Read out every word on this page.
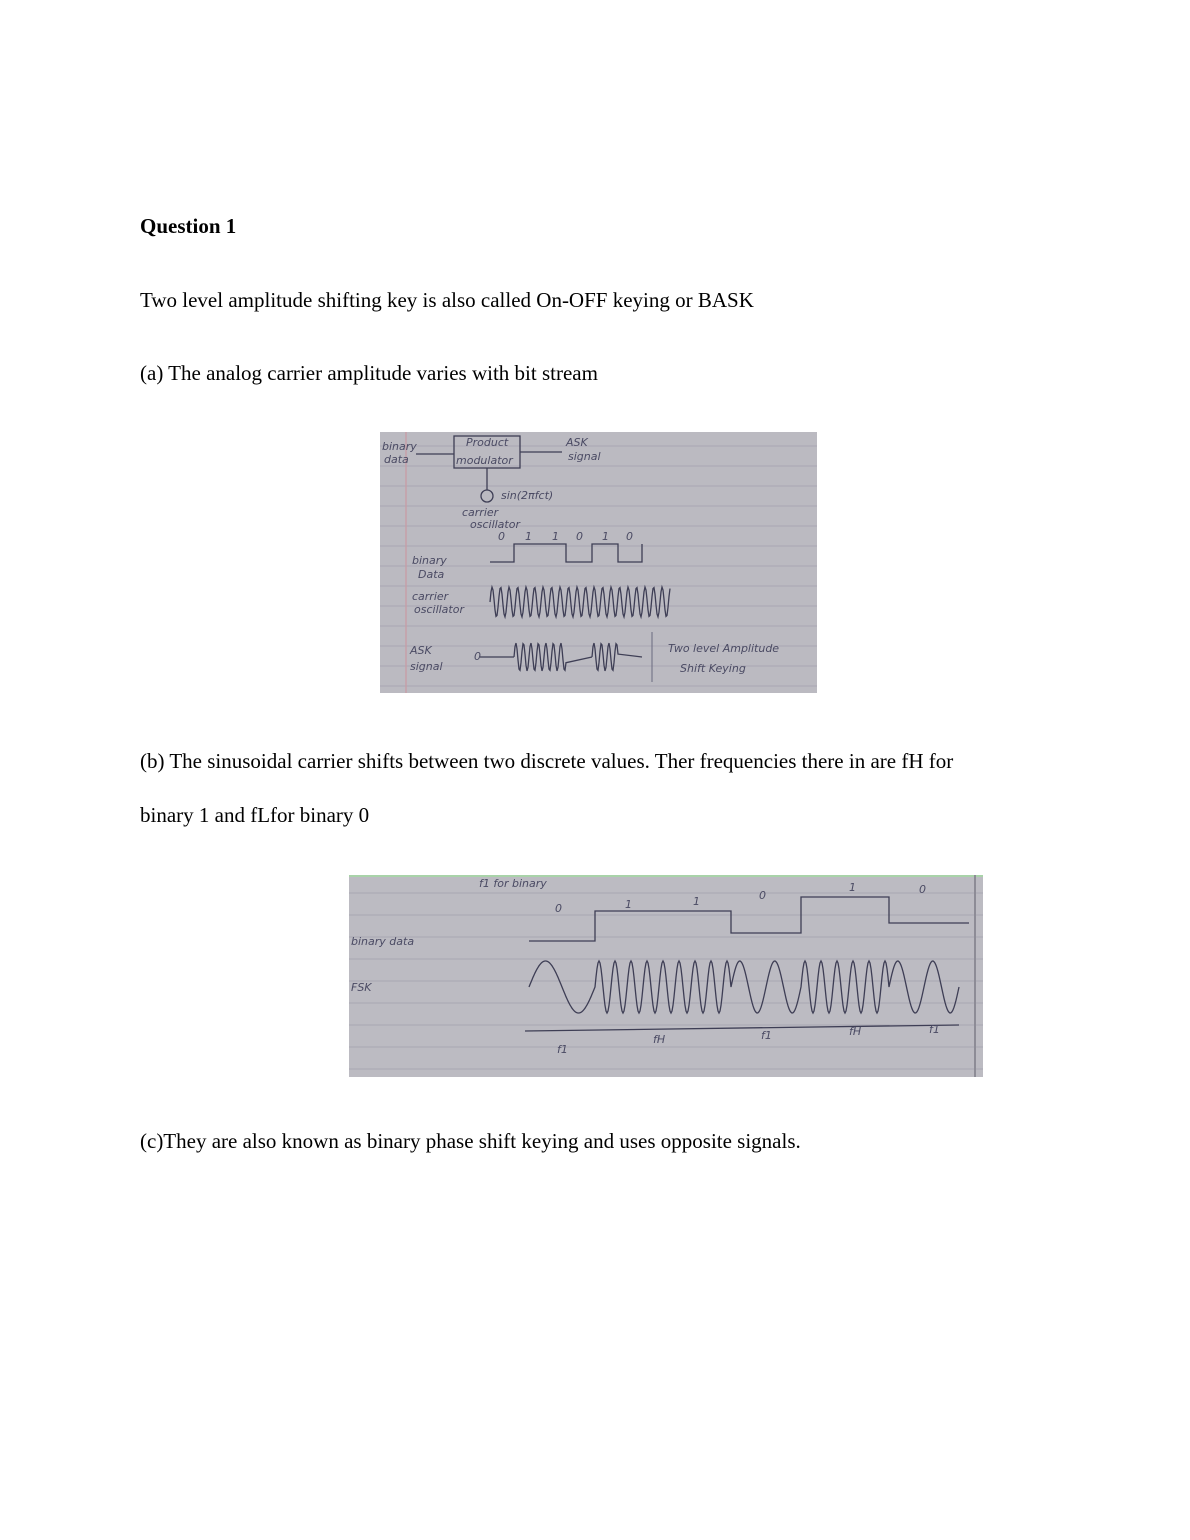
Question 1
Two level amplitude shifting key is also called On-OFF keying or BASK
(a) The analog carrier amplitude varies with bit stream
binary
data
Product
modulator
ASK
signal
sin(2πfct)
carrier
oscillator
0 1 1 0 1 0
binary
Data
carrier
oscillator
ASK
signal
0
Two level Amplitude
Shift Keying
(b) The sinusoidal carrier shifts between two discrete values. Ther frequencies there in are fH for
binary 1 and fLfor binary 0
f1 for binary
0	1	1	0
1	0
binary data
FSK
f1
fH	f1	fH	f1
(c)They are also known as binary phase shift keying and uses opposite signals.
